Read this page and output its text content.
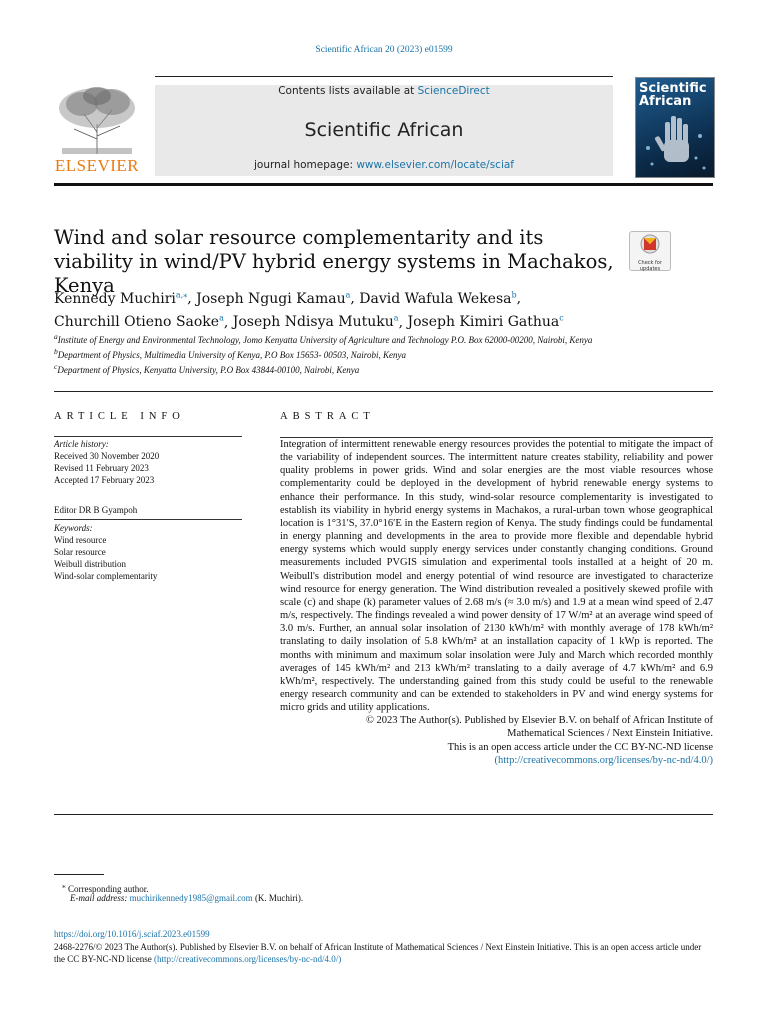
Scientific African 20 (2023) e01599
ELSEVIER
Contents lists available at ScienceDirect
Scientific African
journal homepage: www.elsevier.com/locate/sciaf
Scientific
African
Wind and solar resource complementarity and its viability in wind/PV hybrid energy systems in Machakos, Kenya
Check for
updates
Kennedy Muchiri$^{a,⁎}$, Joseph Ngugi Kamau$^a$, David Wafula Wekesa$^b$,
Churchill Otieno Saoke$^a$, Joseph Ndisya Mutuku$^a$, Joseph Kimiri Gathua$^c$
$^a$Institute of Energy and Environmental Technology, Jomo Kenyatta University of Agriculture and Technology P.O. Box 62000-00200, Nairobi, Kenya
$^b$Department of Physics, Multimedia University of Kenya, P.O Box 15653- 00503, Nairobi, Kenya
$^c$Department of Physics, Kenyatta University, P.O Box 43844-00100, Nairobi, Kenya
ARTICLE INFO	ABSTRACT
Article history:
Received 30 November 2020
Revised 11 February 2023
Accepted 17 February 2023
Editor DR B Gyampoh
Keywords:
Wind resource
Solar resource
Weibull distribution
Wind-solar complementarity
Integration of intermittent renewable energy resources provides the potential to mitigate the impact of the variability of independent sources. The intermittent nature creates stability, reliability and power quality problems in power grids. Wind and solar energies are the most viable resources whose complementarity could be deployed in the development of hybrid renewable energy systems to enhance their performance. In this study, wind-solar resource complementarity is investigated to establish its viability in hybrid energy systems in Machakos, a rural-urban town whose geographical location is 1°31′S, 37.0°16′E in the Eastern region of Kenya. The study findings could be fundamental in energy planning and developments in the area to provide more flexible and dependable hybrid energy systems which would supply energy services under constantly changing conditions. Ground measurements included PVGIS simulation and experimental tools installed at a height of 20 m. Weibull's distribution model and energy potential of wind resource are investigated to characterize wind resource for energy generation. The Wind distribution revealed a positively skewed profile with scale (c) and shape (k) parameter values of 2.68 m/s (≈ 3.0 m/s) and 1.9 at a mean wind speed of 2.47 m/s, respectively. The findings revealed a wind power density of 17 W/m² at an average wind speed of 3.0 m/s. Further, an annual solar insolation of 2130 kWh/m² with monthly average of 178 kWh/m² translating to daily insolation of 5.8 kWh/m² at an installation capacity of 1 kWp is reported. The months with minimum and maximum solar insolation were July and March which recorded monthly averages of 145 kWh/m² and 213 kWh/m² translating to a daily average of 4.7 kWh/m² and 6.9 kWh/m², respectively. The understanding gained from this study could be useful to the renewable energy research community and can be extended to stakeholders in PV and wind energy systems for micro grids and utility applications.
© 2023 The Author(s). Published by Elsevier B.V. on behalf of African Institute of
Mathematical Sciences / Next Einstein Initiative.
This is an open access article under the CC BY-NC-ND license
(http://creativecommons.org/licenses/by-nc-nd/4.0/)
⁎ Corresponding author.
E-mail address: muchirikennedy1985@gmail.com (K. Muchiri).
https://doi.org/10.1016/j.sciaf.2023.e01599
2468-2276/© 2023 The Author(s). Published by Elsevier B.V. on behalf of African Institute of Mathematical Sciences / Next Einstein Initiative. This is an open access article under the CC BY-NC-ND license (http://creativecommons.org/licenses/by-nc-nd/4.0/)
